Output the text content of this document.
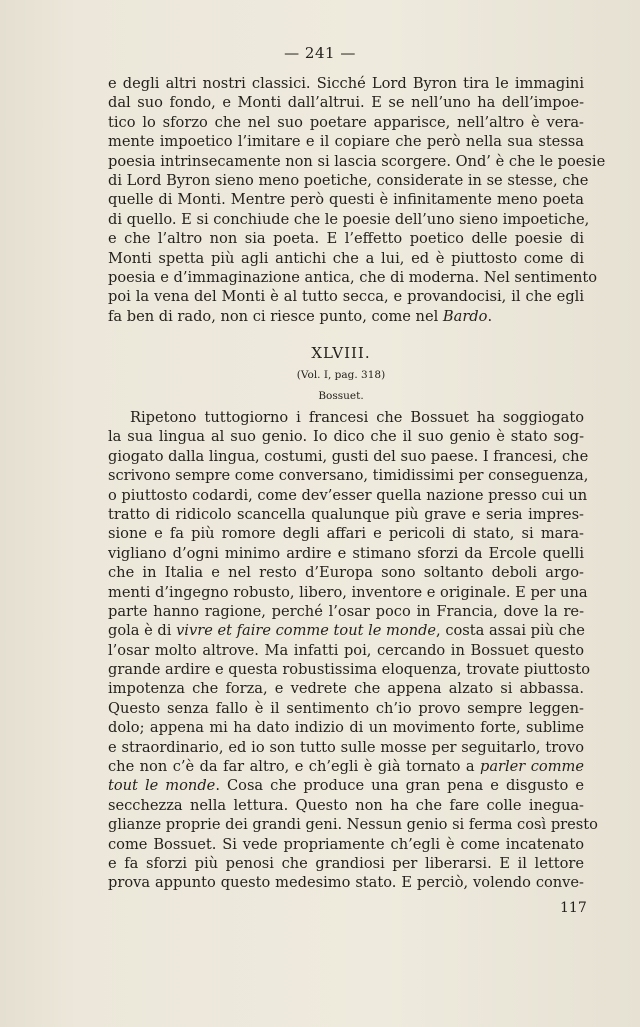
— 241 —
e degli altri nostri classici. Sicché Lord Byron tira le immagini
dal suo fondo, e Monti dall’altrui. E se nell’uno ha dell’impoe-
tico lo sforzo che nel suo poetare apparisce, nell’altro è vera-
mente impoetico l’imitare e il copiare che però nella sua stessa
poesia intrinsecamente non si lascia scorgere. Ond’ è che le poesie
di Lord Byron sieno meno poetiche, considerate in se stesse, che
quelle di Monti. Mentre però questi è infinitamente meno poeta
di quello. E si conchiude che le poesie dell’uno sieno impoetiche,
e che l’altro non sia poeta. E l’effetto poetico delle poesie di
Monti spetta più agli antichi che a lui, ed è piuttosto come di
poesia e d’immaginazione antica, che di moderna. Nel sentimento
poi la vena del Monti è al tutto secca, e provandocisi, il che egli
fa ben di rado, non ci riesce punto, come nel Bardo.
XLVIII.
(Vol. I, pag. 318)
Bossuet.
Ripetono tuttogiorno i francesi che Bossuet ha soggiogato
la sua lingua al suo genio. Io dico che il suo genio è stato sog-
giogato dalla lingua, costumi, gusti del suo paese. I francesi, che
scrivono sempre come conversano, timidissimi per conseguenza,
o piuttosto codardi, come dev’esser quella nazione presso cui un
tratto di ridicolo scancella qualunque più grave e seria impres-
sione e fa più romore degli affari e pericoli di stato, si mara-
vigliano d’ogni minimo ardire e stimano sforzi da Ercole quelli
che in Italia e nel resto d’Europa sono soltanto deboli argo-
menti d’ingegno robusto, libero, inventore e originale. E per una
parte hanno ragione, perché l’osar poco in Francia, dove la re-
gola è di vivre et faire comme tout le monde, costa assai più che
l’osar molto altrove. Ma infatti poi, cercando in Bossuet questo
grande ardire e questa robustissima eloquenza, trovate piuttosto
impotenza che forza, e vedrete che appena alzato si abbassa.
Questo senza fallo è il sentimento ch’io provo sempre leggen-
dolo; appena mi ha dato indizio di un movimento forte, sublime
e straordinario, ed io son tutto sulle mosse per seguitarlo, trovo
che non c’è da far altro, e ch’egli è già tornato a parler comme
tout le monde. Cosa che produce una gran pena e disgusto e
secchezza nella lettura. Questo non ha che fare colle inegua-
glianze proprie dei grandi geni. Nessun genio si ferma così presto
come Bossuet. Si vede propriamente ch’egli è come incatenato
e fa sforzi più penosi che grandiosi per liberarsi. E il lettore
prova appunto questo medesimo stato. E perciò, volendo conve-
117
